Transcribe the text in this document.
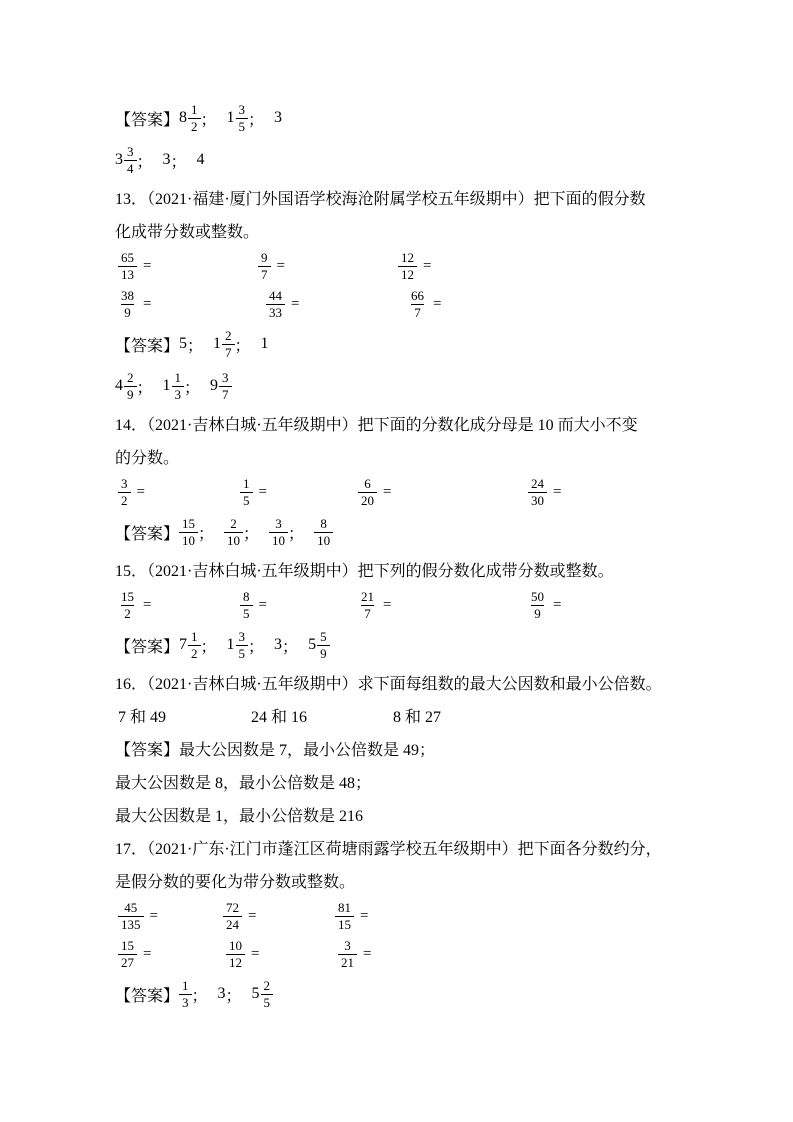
【答案】 $8 \frac{1}{2}$ ； $1 \frac{3}{5}$ ； 3
$3 \frac{3}{4}$ ； 3 ； 4
13．（2021·福建·厦门外国语学校海沧附属学校五年级期中）把下面的假分数
化成带分数或整数。
$\frac{65}{13}$ =	$\frac{9}{7}$ =	$\frac{12}{12}$ =
$\frac{38}{9}$ =	$\frac{44}{33}$ =	$\frac{66}{7}$ =
【答案】 5 ； $1 \frac{2}{7}$ ； 1
$4 \frac{2}{9}$ ； $1 \frac{1}{3}$ ； $9 \frac{3}{7}$
14．（2021·吉林白城·五年级期中）把下面的分数化成分母是 10 而大小不变
的分数。
$\frac{3}{2}$ =	$\frac{1}{5}$ =	$\frac{6}{20}$ =	$\frac{24}{30}$ =
【答案】 $\frac{15}{10}$ ； $\frac{2}{10}$ ； $\frac{3}{10}$ ； $\frac{8}{10}$
15．（2021·吉林白城·五年级期中）把下列的假分数化成带分数或整数。
$\frac{15}{2}$ =	$\frac{8}{5}$ =	$\frac{21}{7}$ =	$\frac{50}{9}$ =
【答案】 $7 \frac{1}{2}$ ； $1 \frac{3}{5}$ ； 3 ； $5 \frac{5}{9}$
16．（2021·吉林白城·五年级期中）求下面每组数的最大公因数和最小公倍数。
7 和 49	24 和 16	8 和 27
【答案】最大公因数是 7，最小公倍数是 49；
最大公因数是 8，最小公倍数是 48；
最大公因数是 1，最小公倍数是 216
17．（2021·广东·江门市蓬江区荷塘雨露学校五年级期中）把下面各分数约分，
是假分数的要化为带分数或整数。
$\frac{45}{135}$ =	$\frac{72}{24}$ =	$\frac{81}{15}$ =
$\frac{15}{27}$ =	$\frac{10}{12}$ =	$\frac{3}{21}$ =
【答案】 $\frac{1}{3}$ ； 3 ； $5 \frac{2}{5}$
